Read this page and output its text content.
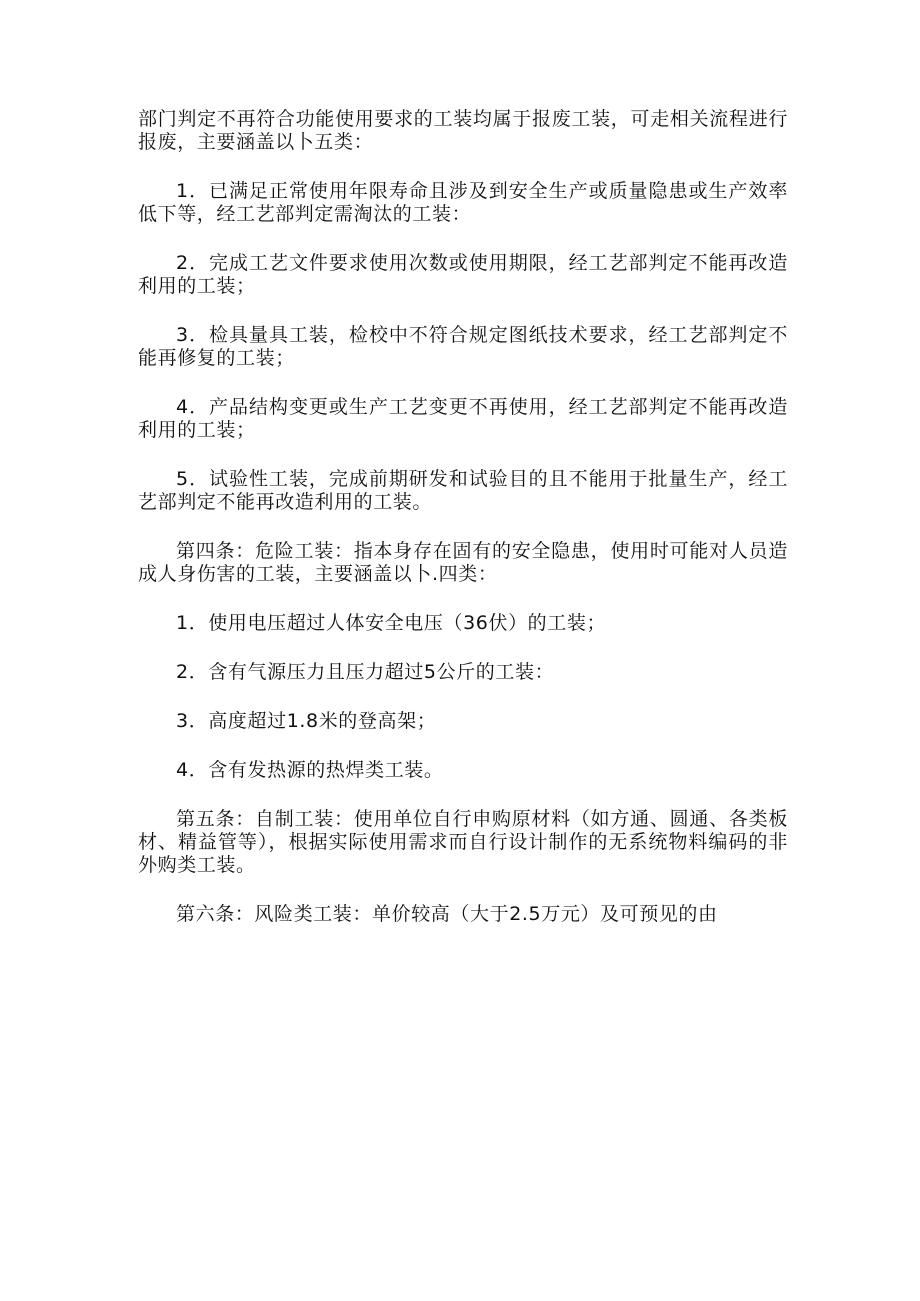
部门判定不再符合功能使用要求的工装均属于报废工装，可走相关流程进行报废，主要涵盖以卜五类：

1．已满足正常使用年限寿命且涉及到安全生产或质量隐患或生产效率低下等，经工艺部判定需淘汰的工装：

2．完成工艺文件要求使用次数或使用期限，经工艺部判定不能再改造利用的工装；

3．检具量具工装，检校中不符合规定图纸技术要求，经工艺部判定不能再修复的工装；

4．产品结构变更或生产工艺变更不再使用，经工艺部判定不能再改造利用的工装；

5．试验性工装，完成前期研发和试验目的且不能用于批量生产，经工艺部判定不能再改造利用的工装。

第四条：危险工装：指本身存在固有的安全隐患，使用时可能对人员造成人身伤害的工装，主要涵盖以卜.四类：

1．使用电压超过人体安全电压（36伏）的工装；

2．含有气源压力且压力超过5公斤的工装：

3．高度超过1.8米的登高架；

4．含有发热源的热焊类工装。

第五条：自制工装：使用单位自行申购原材料（如方通、圆通、各类板材、精益管等），根据实际使用需求而自行设计制作的无系统物料编码的非外购类工装。

第六条：风险类工装：单价较高（大于2.5万元）及可预见的由
